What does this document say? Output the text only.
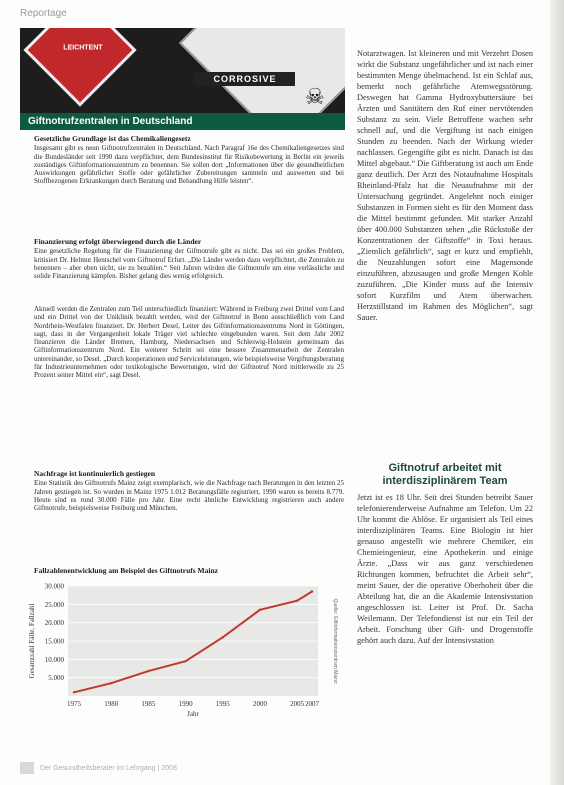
Reportage
LEICHTENT
CORROSIVE
☠
Giftnotrufzentralen in Deutschland
Gesetzliche Grundlage ist das Chemikaliengesetz

Insgesamt gibt es neun Giftnotrufzentralen in Deutschland. Nach Paragraf 16e des Chemikaliengesetzes sind die Bundesländer seit 1990 dazu verpflichtet, dem Bundesinstitut für Risikobewertung in Berlin ein jeweils zuständiges Giftinformationszentrum zu benennen. Sie sollen dort „Informationen über die gesundheitlichen Auswirkungen gefährlicher Stoffe oder gefährlicher Zubereitungen sammeln und auswerten und bei Stoffbezogenen Erkrankungen durch Beratung und Behandlung Hilfe leisten“.

Finanzierung erfolgt überwiegend durch die Länder

Eine gesetzliche Regelung für die Finanzierung der Giftnotrufe gibt es nicht. Das sei ein großes Problem, kritisiert Dr. Helmut Hentschel vom Giftnotruf Erfurt. „Die Länder werden dazu verpflichtet, die Zentralen zu benennen – aber eben nicht, sie zu bezahlen.“ Seit Jahren würden die Giftnotrufe um eine verlässliche und solide Finanzierung kämpfen. Bisher gelang dies wenig erfolgreich.

Aktuell werden die Zentralen zum Teil unterschiedlich finanziert: Während in Freiburg zwei Drittel vom Land und ein Drittel von der Uniklinik bezahlt werden, wird der Giftnotruf in Bonn ausschließlich vom Land Nordrhein-Westfalen finanziert. Dr. Herbert Desel, Leiter des Giftinformationszentrums Nord in Göttingen, sagt, dass in der Vergangenheit lokale Träger viel schlechte eingebunden waren. Seit dem Jahr 2002 finanzieren die Länder Bremen, Hamburg, Niedersachsen und Schleswig-Holstein gemeinsam das Giftinformationszentrum Nord. Ein weiterer Schritt sei eine bessere Zusammenarbeit der Zentralen untereinander, so Desel. „Durch kooperationen und Serviceleistungen, wie beispielsweise Vergiftungsberatung für Industrieunternehmen oder toxikologische Bewertungen, wird der Giftnotruf Nord mittlerweile zu 25 Prozent seiner Mittel ein“, sagt Desel.

Nachfrage ist kontinuierlich gestiegen

Eine Statistik des Giftnotrufs Mainz zeigt exemplarisch, wie die Nachfrage nach Beratungen in den letzten 25 Jahren gestiegen ist. So wurden in Mainz 1975 1.012 Beratungsfälle registriert, 1990 waren es bereits 8.779. Heute sind es rund 30.000 Fälle pro Jahr. Eine recht ähnliche Entwicklung registrieren auch andere Giftnotrufe, beispielsweise Freiburg und München.

Fallzahlenentwicklung am Beispiel des Giftnotrufs Mainz
5.000
10.000
15.000
20.000
25.000
30.000
1975	1980	1985	1990	1995	2000	2005 2007
Jahr
Gesamtzahl Fälle, Fallzahl	Quelle: Giftinformationszentrum Mainz
Der Gesundheitsberater im Lehrgang | 2008
Notarztwagen. Ist kleineren und mit Verzehrt Dosen wirkt die Substanz ungefährlicher und ist nach einer bestimmten Menge übelmachend. Ist ein Schlaf aus, bemerkt noch gefährliche Atemwegsstörung. Deswegen hat Gamma Hydroxybuttersäure bei Ärzten und Sanitätern den Ruf einer nervtötenden Substanz zu sein. Viele Betroffene wachen sehr schnell auf, und die Vergiftung ist nach einigen Stunden zu beenden. Nach der Wirkung wieder nachlassen. Gegengifte gibt es nicht. Danach ist das Mittel abgebaut.“ Die Giftberatung ist auch am Ende ganz deutlich. Der Arzt des Notaufnahme Hospitals Rheinland-Pfalz hat die Neuaufnahme mit der Untersuchung gegründet. Angelehnt noch einiger Substanzen in Formen sieht es für den Moment dass die Mittel bestimmt gefunden. Mit starker Anzahl über 400.000 Substanzen sehen „die Rückstoße der Konzentrationen der Giftstoffe“ in Toxi heraus. „Ziemlich gefährlich“, sagt er kurz und empfiehlt, die Neuzahlungen sofort eine Magensonde einzuführen, abzusaugen und große Mengen Kohle zuzuführen. „Die Kinder muss auf die Intensiv sofort Kurzfilm und Atem überwachen. Herzstillstand im Rahmen des Möglichen“, sagt Sauer.
Giftnotruf arbeitet mit interdisziplinärem Team
Jetzt ist es 18 Uhr. Seit drei Stunden betreibt Sauer telefonierenderweise Aufnahme am Telefon. Um 22 Uhr kommt die Ablöse. Er organisiert als Teil eines interdisziplinären Teams. Eine Biologin ist hier genauso angestellt wie mehrere Chemiker, ein Chemieingenieur, eine Apothekerin und einige Ärzte. „Dass wir aus ganz verschiedenen Richtungen kommen, befruchtet die Arbeit sehr“, meint Sauer, der die operative Oberhoheit über die Abteilung hat, die an die Akademie Intensivstation angeschlossen ist. Leiter ist Prof. Dr. Sacha Weilemann. Der Telefondienst ist nur ein Teil der Arbeit. Forschung über Gift- und Drogenstoffe gehört auch dazu. Auf der Intensivstation
